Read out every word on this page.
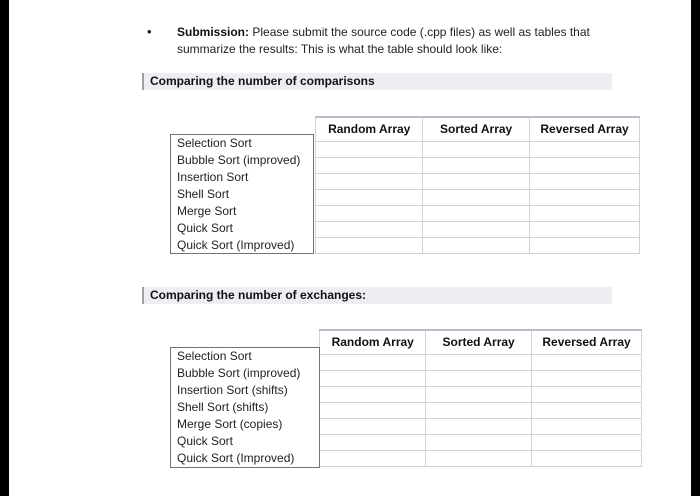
• Submission: Please submit the source code (.cpp files) as well as tables that
summarize the results: This is what the table should look like:
Comparing the number of comparisons
	Random Array	Sorted Array	Reversed Array

Selection Sort
Bubble Sort (improved)
Insertion Sort
Shell Sort
Merge Sort
Quick Sort
Quick Sort (Improved)
Comparing the number of exchanges:
	Random Array	Sorted Array	Reversed Array

Selection Sort
Bubble Sort (improved)
Insertion Sort (shifts)
Shell Sort (shifts)
Merge Sort (copies)
Quick Sort
Quick Sort (Improved)
